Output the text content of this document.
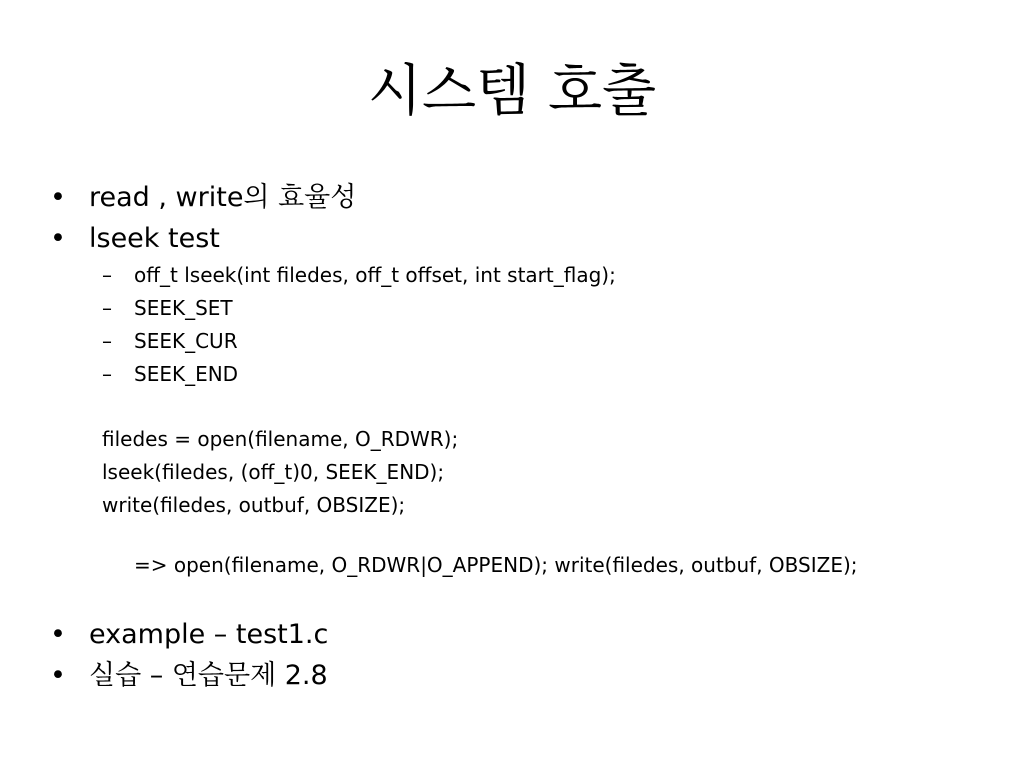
시스템 호출
• read , write의 효율성
• lseek test
– off_t lseek(int filedes, off_t offset, int start_flag);
– SEEK_SET
– SEEK_CUR
– SEEK_END
filedes = open(filename, O_RDWR);
lseek(filedes, (off_t)0, SEEK_END);
write(filedes, outbuf, OBSIZE);
=> open(filename, O_RDWR|O_APPEND); write(filedes, outbuf, OBSIZE);
• example – test1.c
• 실습 – 연습문제 2.8
